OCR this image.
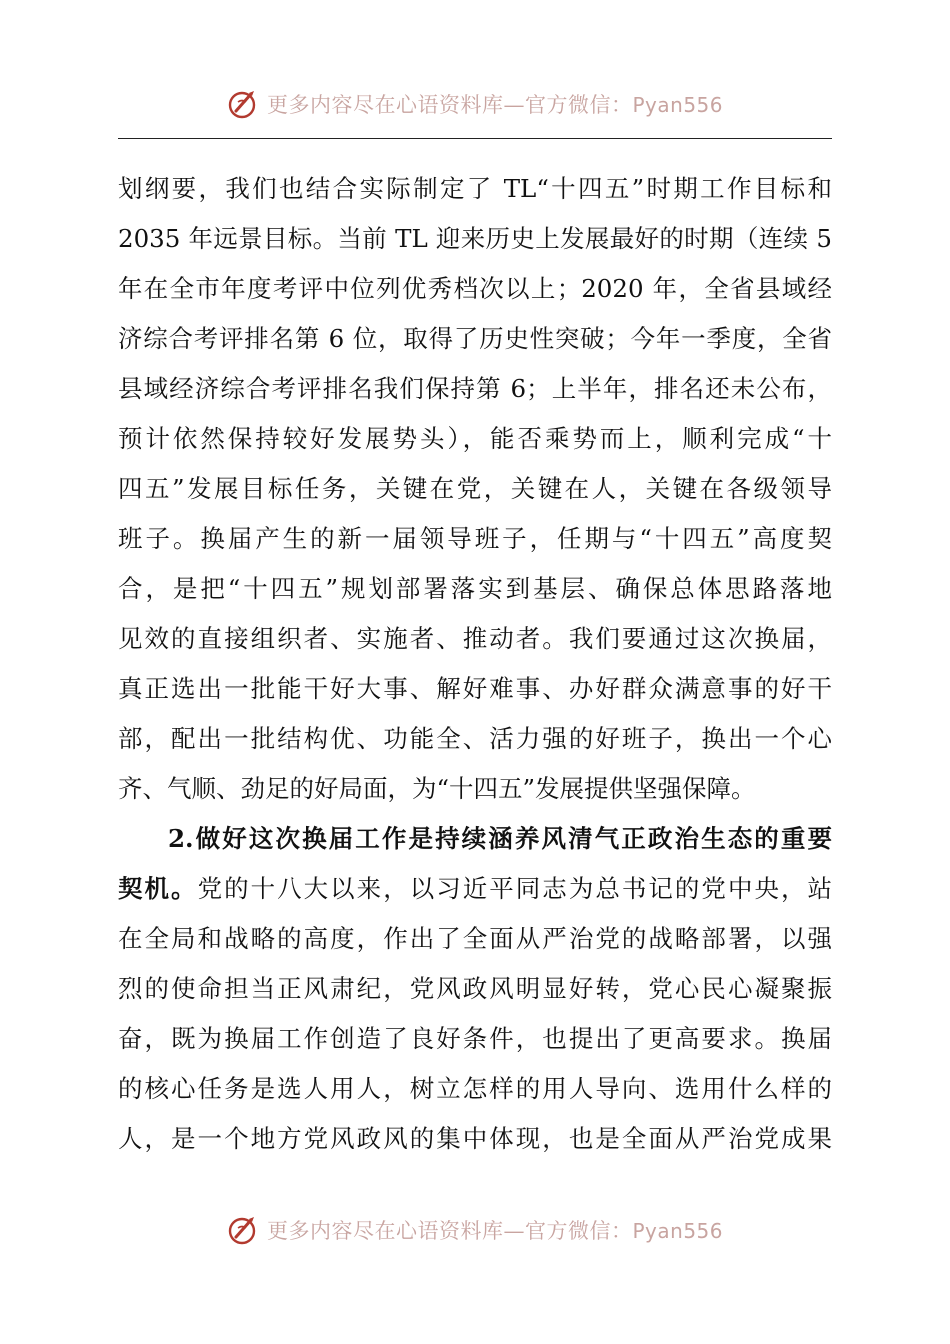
更多内容尽在心语资料库—官方微信：Pyan556
划纲要，我们也结合实际制定了 TL“十四五”时期工作目标和
2035 年远景目标。当前 TL 迎来历史上发展最好的时期（连续 5
年在全市年度考评中位列优秀档次以上；2020 年，全省县域经
济综合考评排名第 6 位，取得了历史性突破；今年一季度，全省
县域经济综合考评排名我们保持第 6；上半年，排名还未公布，
预计依然保持较好发展势头），能否乘势而上，顺利完成“十
四五”发展目标任务，关键在党，关键在人，关键在各级领导
班子。换届产生的新一届领导班子，任期与“十四五”高度契
合，是把“十四五”规划部署落实到基层、确保总体思路落地
见效的直接组织者、实施者、推动者。我们要通过这次换届，
真正选出一批能干好大事、解好难事、办好群众满意事的好干
部，配出一批结构优、功能全、活力强的好班子，换出一个心
齐、气顺、劲足的好局面，为“十四五”发展提供坚强保障。
2.做好这次换届工作是持续涵养风清气正政治生态的重要
契机。党的十八大以来，以习近平同志为总书记的党中央，站
在全局和战略的高度，作出了全面从严治党的战略部署，以强
烈的使命担当正风肃纪，党风政风明显好转，党心民心凝聚振
奋，既为换届工作创造了良好条件，也提出了更高要求。换届
的核心任务是选人用人，树立怎样的用人导向、选用什么样的
人，是一个地方党风政风的集中体现，也是全面从严治党成果
更多内容尽在心语资料库—官方微信：Pyan556
